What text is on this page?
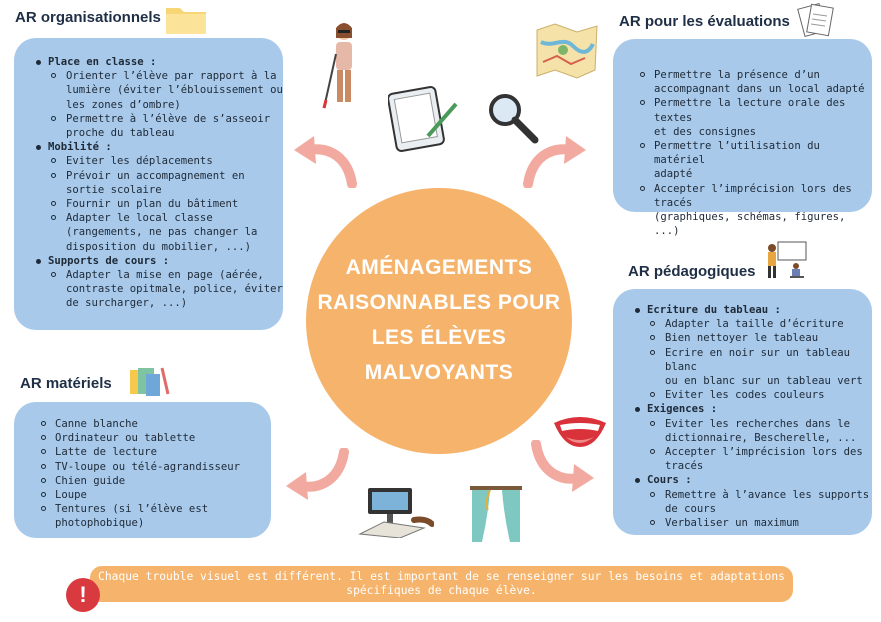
AR organisationnels	AR pour les évaluations
AR pédagogiques
AR matériels
Place en classe :
Orienter l’élève par rapport à la
lumière (éviter l’éblouissement ou
les zones d’ombre)
Permettre à l’élève de s’asseoir
proche du tableau
Mobilité :
Eviter les déplacements
Prévoir un accompagnement en
sortie scolaire
Fournir un plan du bâtiment
Adapter le local classe
(rangements, ne pas changer la
disposition du mobilier, ...)
Supports de cours :
Adapter la mise en page (aérée,
contraste opitmale, police, éviter
de surcharger, ...)
Permettre la présence d’un
accompagnant dans un local adapté
Permettre la lecture orale des textes
et des consignes
Permettre l’utilisation du matériel
adapté
Accepter l’imprécision lors des tracés
(graphiques, schémas, figures, ...)
Ecriture du tableau :
Adapter la taille d’écriture
Bien nettoyer le tableau
Ecrire en noir sur un tableau blanc
ou en blanc sur un tableau vert
Eviter les codes couleurs
Exigences :
Eviter les recherches dans le
dictionnaire, Bescherelle, ...
Accepter l’imprécision lors des
tracés
Cours :
Remettre à l’avance les supports
de cours
Verbaliser un maximum
Canne blanche
Ordinateur ou tablette
Latte de lecture
TV-loupe ou télé-agrandisseur
Chien guide
Loupe
Tentures (si l’élève est
photophobique)
AMÉNAGEMENTS
RAISONNABLES POUR
LES ÉLÈVES
MALVOYANTS
Chaque trouble visuel est différent. Il est important de se renseigner sur les besoins et adaptations
spécifiques de chaque élève.
!
